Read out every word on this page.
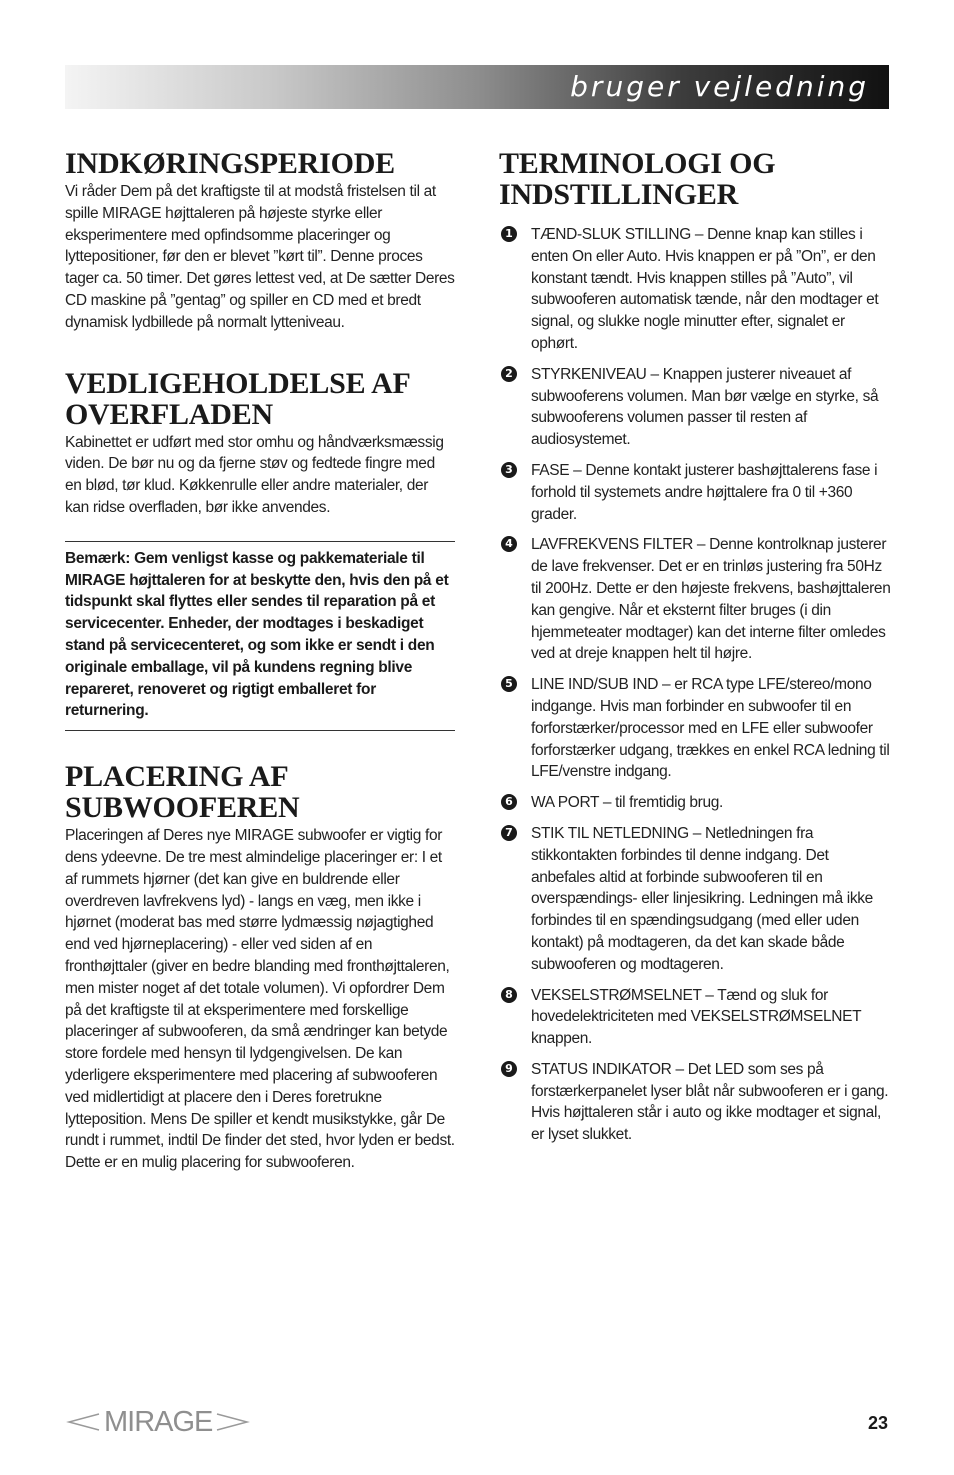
bruger vejledning
INDKØRINGSPERIODE

Vi råder Dem på det kraftigste til at modstå fristelsen til at spille MIRAGE højttaleren på højeste styrke eller eksperimentere med opfindsomme placeringer og lyttepositioner, før den er blevet ”kørt til”. Denne proces tager ca. 50 timer. Det gøres lettest ved, at De sætter Deres CD maskine på ”gentag” og spiller en CD med et bredt dynamisk lydbillede på normalt lytteniveau.

VEDLIGEHOLDELSE AF
OVERFLADEN

Kabinettet er udført med stor omhu og håndværksmæssig viden. De bør nu og da fjerne støv og fedtede fingre med en blød, tør klud. Køkkenrulle eller andre materialer, der kan ridse overfladen, bør ikke anvendes.

Bemærk: Gem venligst kasse og pakkemateriale til MIRAGE højttaleren for at beskytte den, hvis den på et tidspunkt skal flyttes eller sendes til reparation på et servicecenter. Enheder, der modtages i beskadiget stand på servicecenteret, og som ikke er sendt i den originale emballage, vil på kundens regning blive repareret, renoveret og rigtigt emballeret for returnering.

PLACERING AF
SUBWOOFEREN

Placeringen af Deres nye MIRAGE subwoofer er vigtig for dens ydeevne. De tre mest almindelige placeringer er: I et af rummets hjørner (det kan give en buldrende eller overdreven lavfrekvens lyd) - langs en væg, men ikke i hjørnet (moderat bas med større lydmæssig nøjagtighed end ved hjørneplacering) - eller ved siden af en fronthøjttaler (giver en bedre blanding med fronthøjttaleren, men mister noget af det totale volumen). Vi opfordrer Dem på det kraftigste til at eksperimentere med forskellige placeringer af subwooferen, da små ændringer kan betyde store fordele med hensyn til lydgengivelsen. De kan yderligere eksperimentere med placering af subwooferen ved midlertidigt at placere den i Deres foretrukne lytteposition. Mens De spiller et kendt musikstykke, går De rundt i rummet, indtil De finder det sted, hvor lyden er bedst. Dette er en mulig placering for subwooferen.

TERMINOLOGI OG
INDSTILLINGER
1 TÆND-SLUK STILLING – Denne knap kan stilles i enten On eller Auto. Hvis knappen er på ”On”, er den konstant tændt. Hvis knappen stilles på ”Auto”, vil subwooferen automatisk tænde, når den modtager et signal, og slukke nogle minutter efter, signalet er ophørt.

2 STYRKENIVEAU – Knappen justerer niveauet af subwooferens volumen. Man bør vælge en styrke, så subwooferens volumen passer til resten af audiosystemet.

3 FASE – Denne kontakt justerer bashøjttalerens fase i forhold til systemets andre højttalere fra 0 til +360 grader.

4 LAVFREKVENS FILTER – Denne kontrolknap justerer de lave frekvenser. Det er en trinløs justering fra 50Hz til 200Hz. Dette er den højeste frekvens, bashøjttaleren kan gengive. Når et eksternt filter bruges (i din hjemmeteater modtager) kan det interne filter omledes ved at dreje knappen helt til højre.

5 LINE IND/SUB IND – er RCA type LFE/stereo/mono indgange. Hvis man forbinder en subwoofer til en forforstærker/processor med en LFE eller subwoofer forforstærker udgang, trækkes en enkel RCA ledning til LFE/venstre indgang.

6 WA PORT – til fremtidig brug.

7 STIK TIL NETLEDNING – Netledningen fra stikkontakten forbindes til denne indgang. Det anbefales altid at forbinde subwooferen til en overspændings- eller linjesikring. Ledningen må ikke forbindes til en spændingsudgang (med eller uden kontakt) på modtageren, da det kan skade både subwooferen og modtageren.

8 VEKSELSTRØMSELNET – Tænd og sluk for hovedelektriciteten med VEKSELSTRØMSELNET knappen.

9 STATUS INDIKATOR – Det LED som ses på forstærkerpanelet lyser blåt når subwooferen er i gang. Hvis højttaleren står i auto og ikke modtager et signal, er lyset slukket.

MIRAGE	23
